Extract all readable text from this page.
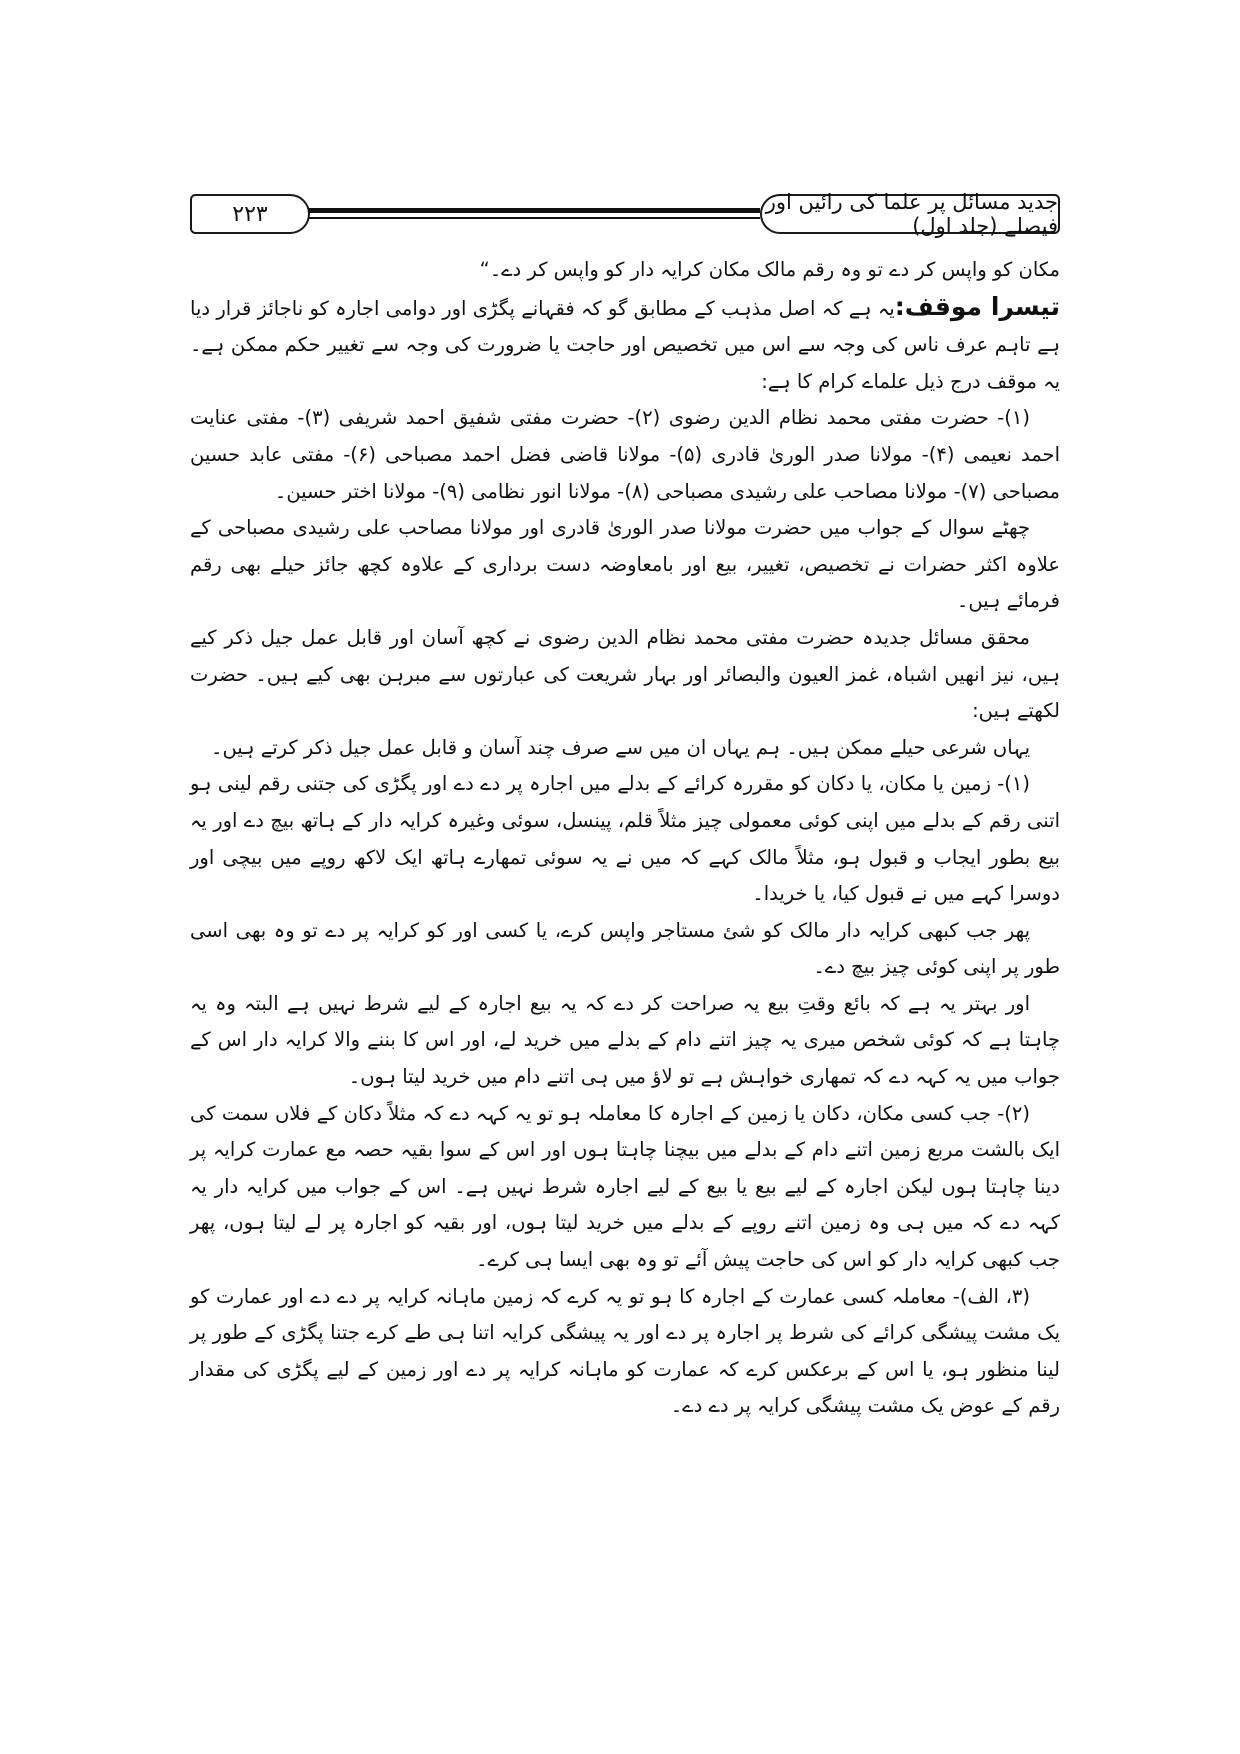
۲۲۳	جدید مسائل پر علما کی رائیں اور فیصلے (جلد اول)

مکان کو واپس کر دے تو وہ رقم مالک مکان کرایہ دار کو واپس کر دے۔“

تیسرا موقف:یہ ہے کہ اصل مذہب کے مطابق گو کہ فقہانے پگڑی اور دوامی اجارہ کو ناجائز قرار دیا ہے تاہم عرف ناس کی وجہ سے اس میں تخصیص اور حاجت یا ضرورت کی وجہ سے تغییر حکم ممکن ہے۔ یہ موقف درج ذیل علماے کرام کا ہے:

(۱)- حضرت مفتی محمد نظام الدین رضوی (۲)- حضرت مفتی شفیق احمد شریفی (۳)- مفتی عنایت احمد نعیمی (۴)- مولانا صدر الوریٰ قادری (۵)- مولانا قاضی فضل احمد مصباحی (۶)- مفتی عابد حسین مصباحی (۷)- مولانا مصاحب علی رشیدی مصباحی (۸)- مولانا انور نظامی (۹)- مولانا اختر حسین۔

چھٹے سوال کے جواب میں حضرت مولانا صدر الوریٰ قادری اور مولانا مصاحب علی رشیدی مصباحی کے علاوہ اکثر حضرات نے تخصیص، تغییر، بیع اور بامعاوضہ دست برداری کے علاوہ کچھ جائز حیلے بھی رقم فرمائے ہیں۔

محقق مسائل جدیدہ حضرت مفتی محمد نظام الدین رضوی نے کچھ آسان اور قابل عمل جیل ذکر کیے ہیں، نیز انھیں اشباہ، غمز العیون والبصائر اور بہار شریعت کی عبارتوں سے مبرہن بھی کیے ہیں۔ حضرت لکھتے ہیں:

یہاں شرعی حیلے ممکن ہیں۔ ہم یہاں ان میں سے صرف چند آسان و قابل عمل جیل ذکر کرتے ہیں۔

(۱)- زمین یا مکان، یا دکان کو مقررہ کرائے کے بدلے میں اجارہ پر دے دے اور پگڑی کی جتنی رقم لینی ہو اتنی رقم کے بدلے میں اپنی کوئی معمولی چیز مثلاً قلم، پینسل، سوئی وغیرہ کرایہ دار کے ہاتھ بیچ دے اور یہ بیع بطور ایجاب و قبول ہو، مثلاً مالک کہے کہ میں نے یہ سوئی تمھارے ہاتھ ایک لاکھ روپے میں بیچی اور دوسرا کہے میں نے قبول کیا، یا خریدا۔

پھر جب کبھی کرایہ دار مالک کو شئ مستاجر واپس کرے، یا کسی اور کو کرایہ پر دے تو وہ بھی اسی طور پر اپنی کوئی چیز بیچ دے۔

اور بہتر یہ ہے کہ بائع وقتِ بیع یہ صراحت کر دے کہ یہ بیع اجارہ کے لیے شرط نہیں ہے البتہ وہ یہ چاہتا ہے کہ کوئی شخص میری یہ چیز اتنے دام کے بدلے میں خرید لے، اور اس کا بننے والا کرایہ دار اس کے جواب میں یہ کہہ دے کہ تمھاری خواہش ہے تو لاؤ میں ہی اتنے دام میں خرید لیتا ہوں۔

(۲)- جب کسی مکان، دکان یا زمین کے اجارہ کا معاملہ ہو تو یہ کہہ دے کہ مثلاً دکان کے فلاں سمت کی ایک بالشت مربع زمین اتنے دام کے بدلے میں بیچنا چاہتا ہوں اور اس کے سوا بقیہ حصہ مع عمارت کرایہ پر دینا چاہتا ہوں لیکن اجارہ کے لیے بیع یا بیع کے لیے اجارہ شرط نہیں ہے۔ اس کے جواب میں کرایہ دار یہ کہہ دے کہ میں ہی وہ زمین اتنے روپے کے بدلے میں خرید لیتا ہوں، اور بقیہ کو اجارہ پر لے لیتا ہوں، پھر جب کبھی کرایہ دار کو اس کی حاجت پیش آئے تو وہ بھی ایسا ہی کرے۔

(۳، الف)- معاملہ کسی عمارت کے اجارہ کا ہو تو یہ کرے کہ زمین ماہانہ کرایہ پر دے دے اور عمارت کو یک مشت پیشگی کرائے کی شرط پر اجارہ پر دے اور یہ پیشگی کرایہ اتنا ہی طے کرے جتنا پگڑی کے طور پر لینا منظور ہو، یا اس کے برعکس کرے کہ عمارت کو ماہانہ کرایہ پر دے اور زمین کے لیے پگڑی کی مقدار رقم کے عوض یک مشت پیشگی کرایہ پر دے دے۔
